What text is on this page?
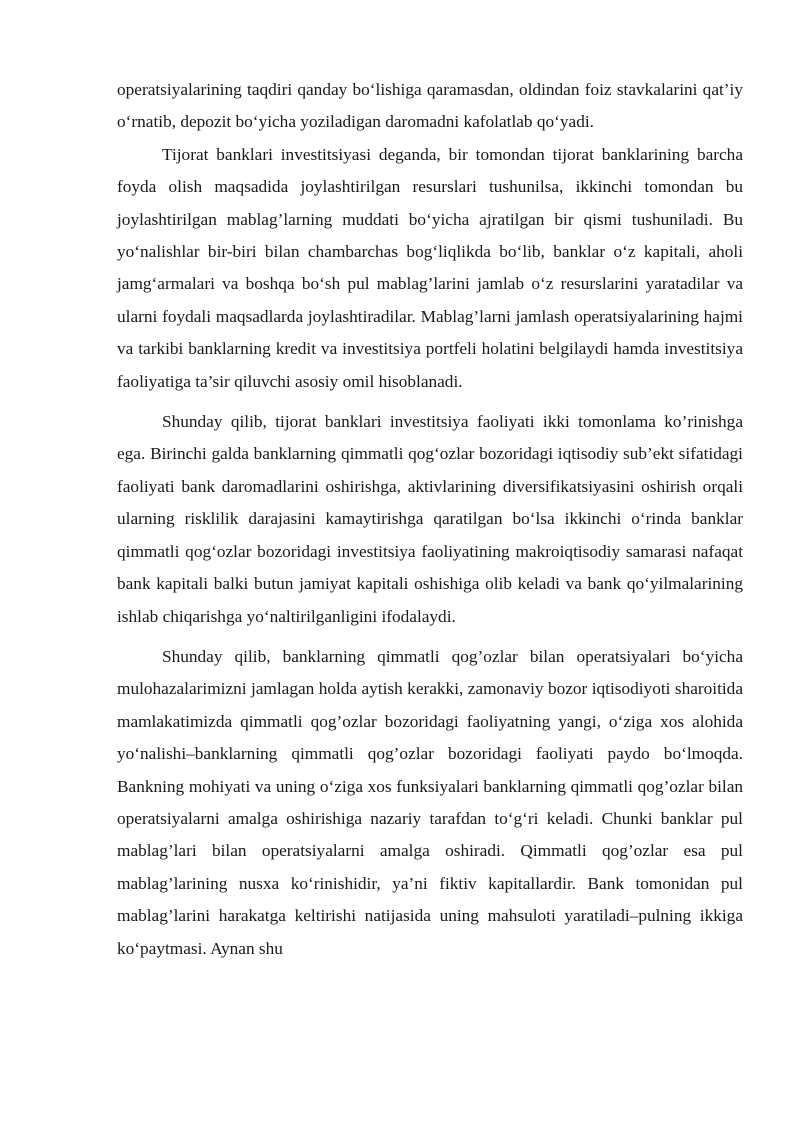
operatsiyalarining taqdiri qanday bo‘lishiga qaramasdan, oldindan foiz stavkalarini qat’iy o‘rnatib, depozit bo‘yicha yoziladigan daromadni kafolatlab qo‘yadi.

Tijorat banklari investitsiyasi deganda, bir tomondan tijorat banklarining barcha foyda olish maqsadida joylashtirilgan resurslari tushunilsa, ikkinchi tomondan bu joylashtirilgan mablag’larning muddati bo‘yicha ajratilgan bir qismi tushuniladi. Bu yo‘nalishlar bir-biri bilan chambarchas bog‘liqlikda bo‘lib, banklar o‘z kapitali, aholi jamg‘armalari va boshqa bo‘sh pul mablag’larini jamlab o‘z resurslarini yaratadilar va ularni foydali maqsadlarda joylashtiradilar. Mablag’larni jamlash operatsiyalarining hajmi va tarkibi banklarning kredit va investitsiya portfeli holatini belgilaydi hamda investitsiya faoliyatiga ta’sir qiluvchi asosiy omil hisoblanadi.

Shunday qilib, tijorat banklari investitsiya faoliyati ikki tomonlama ko’rinishga ega. Birinchi galda banklarning qimmatli qog‘ozlar bozoridagi iqtisodiy sub’ekt sifatidagi faoliyati bank daromadlarini oshirishga, aktivlarining diversifikatsiyasini oshirish orqali ularning risklilik darajasini kamaytirishga qaratilgan bo‘lsa ikkinchi o‘rinda banklar qimmatli qog‘ozlar bozoridagi investitsiya faoliyatining makroiqtisodiy samarasi nafaqat bank kapitali balki butun jamiyat kapitali oshishiga olib keladi va bank qo‘yilmalarining ishlab chiqarishga yo‘naltirilganligini ifodalaydi.

Shunday qilib, banklarning qimmatli qog’ozlar bilan operatsiyalari bo‘yicha mulohazalarimizni jamlagan holda aytish kerakki, zamonaviy bozor iqtisodiyoti sharoitida mamlakatimizda qimmatli qog’ozlar bozoridagi faoliyatning yangi, o‘ziga xos alohida yo‘nalishi–banklarning qimmatli qog’ozlar bozoridagi faoliyati paydo bo‘lmoqda. Bankning mohiyati va uning o‘ziga xos funksiyalari banklarning qimmatli qog’ozlar bilan operatsiyalarni amalga oshirishiga nazariy tarafdan to‘g‘ri keladi. Chunki banklar pul mablag’lari bilan operatsiyalarni amalga oshiradi. Qimmatli qog’ozlar esa pul mablag’larining nusxa ko‘rinishidir, ya’ni fiktiv kapitallardir. Bank tomonidan pul mablag’larini harakatga keltirishi natijasida uning mahsuloti yaratiladi–pulning ikkiga ko‘paytmasi. Aynan shu
